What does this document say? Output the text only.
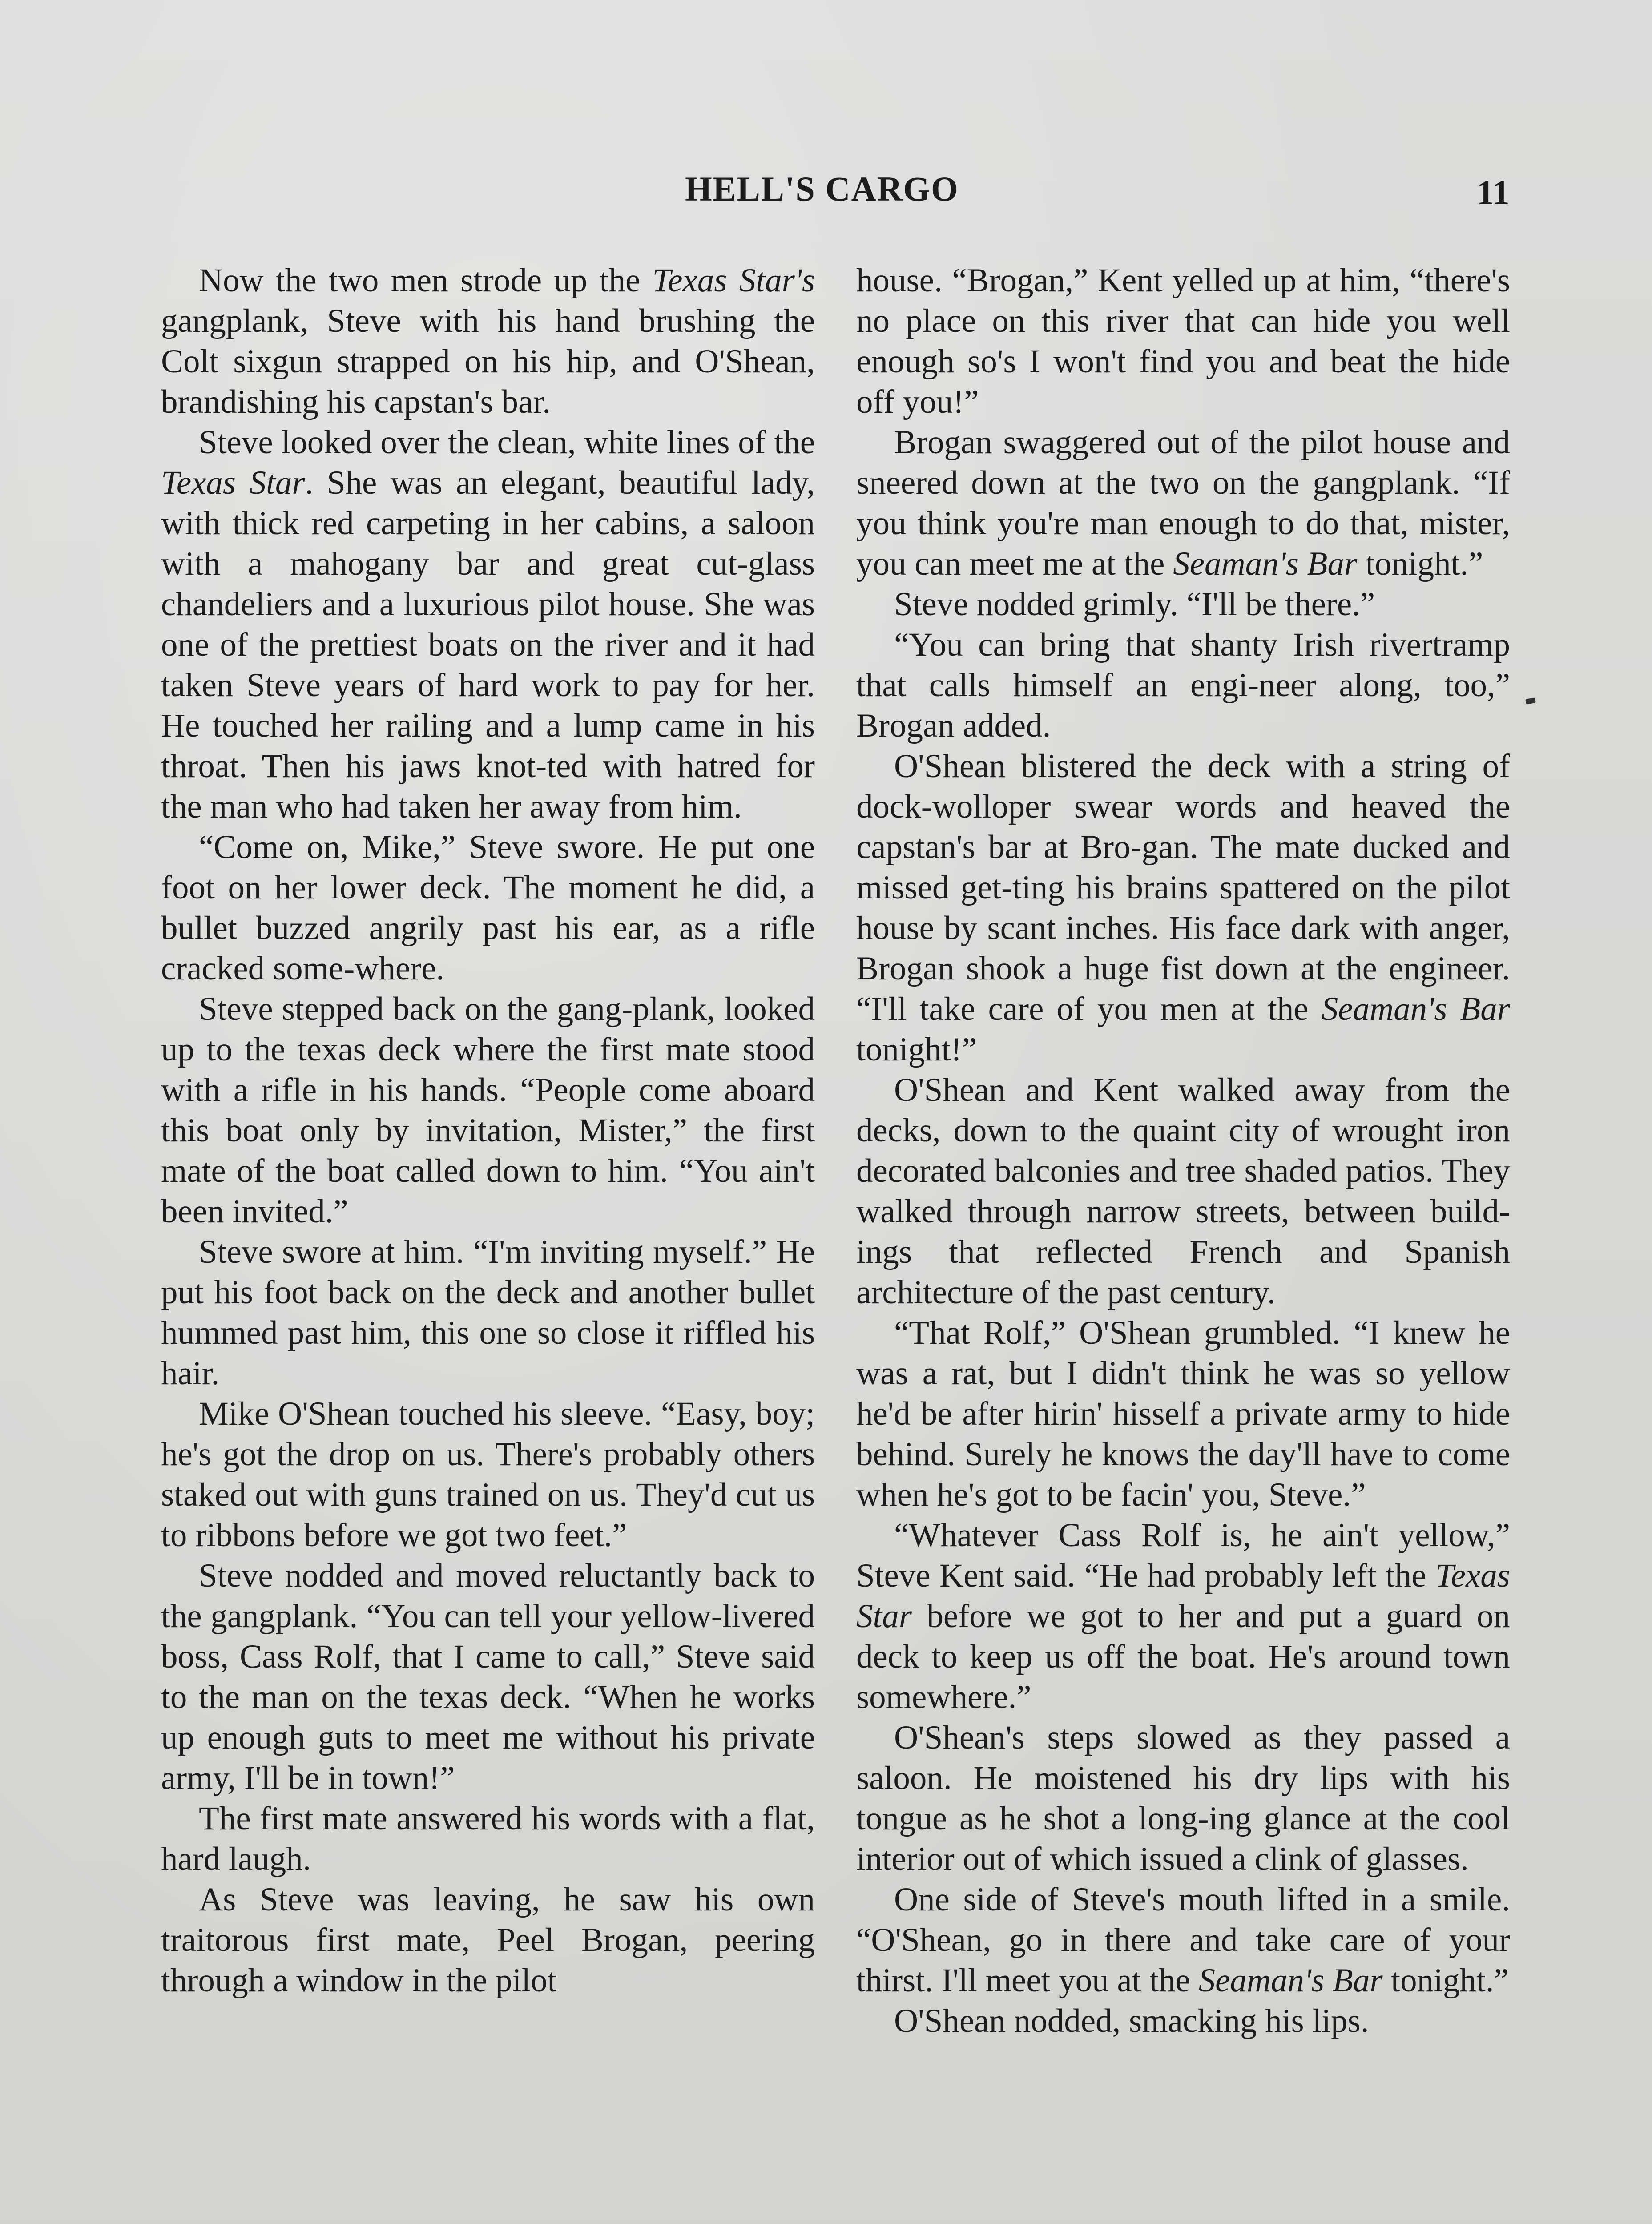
HELL'S CARGO	11

Now the two men strode up the Texas Star's gangplank, Steve with his hand brushing the Colt sixgun strapped on his hip, and O'Shean, brandishing his capstan's bar.

Steve looked over the clean, white lines of the Texas Star. She was an elegant, beautiful lady, with thick red carpeting in her cabins, a saloon with a mahogany bar and great cut-glass chandeliers and a luxurious pilot house. She was one of the prettiest boats on the river and it had taken Steve years of hard work to pay for her. He touched her railing and a lump came in his throat. Then his jaws knot-ted with hatred for the man who had taken her away from him.

“Come on, Mike,” Steve swore. He put one foot on her lower deck. The moment he did, a bullet buzzed angrily past his ear, as a rifle cracked some-where.

Steve stepped back on the gang-plank, looked up to the texas deck where the first mate stood with a rifle in his hands. “People come aboard this boat only by invitation, Mister,” the first mate of the boat called down to him. “You ain't been invited.”

Steve swore at him. “I'm inviting myself.” He put his foot back on the deck and another bullet hummed past him, this one so close it riffled his hair.

Mike O'Shean touched his sleeve. “Easy, boy; he's got the drop on us. There's probably others staked out with guns trained on us. They'd cut us to ribbons before we got two feet.”

Steve nodded and moved reluctantly back to the gangplank. “You can tell your yellow-livered boss, Cass Rolf, that I came to call,” Steve said to the man on the texas deck. “When he works up enough guts to meet me without his private army, I'll be in town!”

The first mate answered his words with a flat, hard laugh.

As Steve was leaving, he saw his own traitorous first mate, Peel Brogan, peering through a window in the pilot

house. “Brogan,” Kent yelled up at him, “there's no place on this river that can hide you well enough so's I won't find you and beat the hide off you!”

Brogan swaggered out of the pilot house and sneered down at the two on the gangplank. “If you think you're man enough to do that, mister, you can meet me at the Seaman's Bar tonight.”

Steve nodded grimly. “I'll be there.”

“You can bring that shanty Irish rivertramp that calls himself an engi-neer along, too,” Brogan added.

O'Shean blistered the deck with a string of dock-wolloper swear words and heaved the capstan's bar at Bro-gan. The mate ducked and missed get-ting his brains spattered on the pilot house by scant inches. His face dark with anger, Brogan shook a huge fist down at the engineer. “I'll take care of you men at the Seaman's Bar tonight!”

O'Shean and Kent walked away from the decks, down to the quaint city of wrought iron decorated balconies and tree shaded patios. They walked through narrow streets, between build-ings that reflected French and Spanish architecture of the past century.

“That Rolf,” O'Shean grumbled. “I knew he was a rat, but I didn't think he was so yellow he'd be after hirin' hisself a private army to hide behind. Surely he knows the day'll have to come when he's got to be facin' you, Steve.”

“Whatever Cass Rolf is, he ain't yellow,” Steve Kent said. “He had probably left the Texas Star before we got to her and put a guard on deck to keep us off the boat. He's around town somewhere.”

O'Shean's steps slowed as they passed a saloon. He moistened his dry lips with his tongue as he shot a long-ing glance at the cool interior out of which issued a clink of glasses.

One side of Steve's mouth lifted in a smile. “O'Shean, go in there and take care of your thirst. I'll meet you at the Seaman's Bar tonight.”

O'Shean nodded, smacking his lips.
